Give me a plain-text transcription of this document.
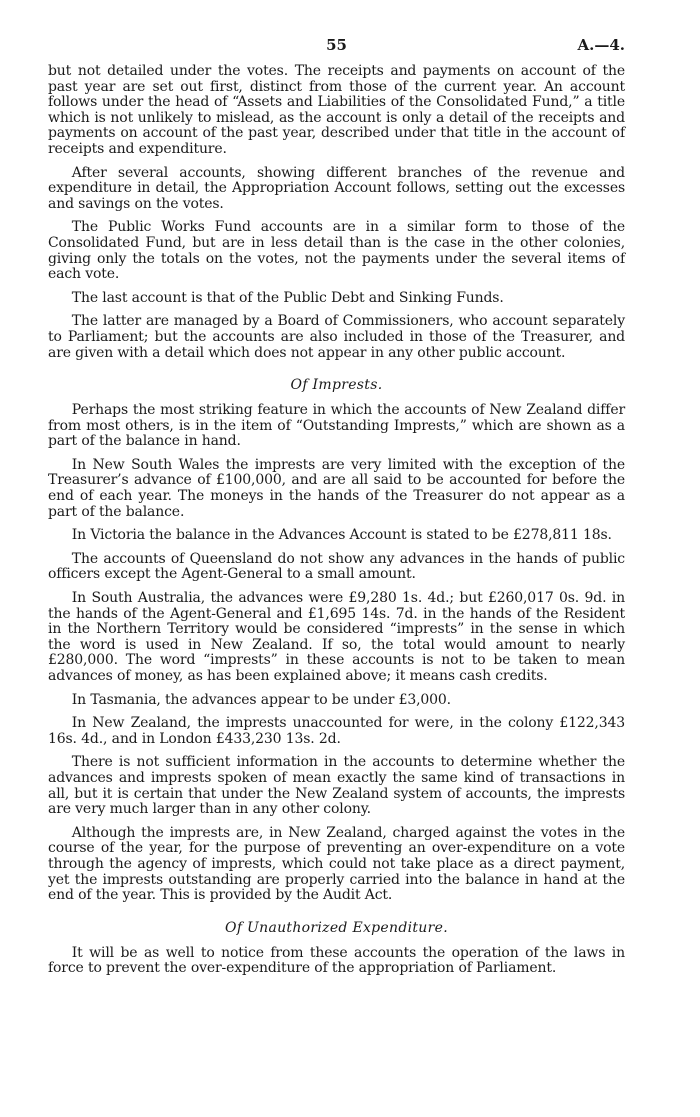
55	A.—4.

but not detailed under the votes. The receipts and payments on account of the past year are set out first, distinct from those of the current year. An account follows under the head of “Assets and Liabilities of the Consolidated Fund,” a title which is not unlikely to mislead, as the account is only a detail of the receipts and payments on account of the past year, described under that title in the account of receipts and expenditure.

After several accounts, showing different branches of the revenue and expenditure in detail, the Appropriation Account follows, setting out the excesses and savings on the votes.

The Public Works Fund accounts are in a similar form to those of the Consolidated Fund, but are in less detail than is the case in the other colonies, giving only the totals on the votes, not the payments under the several items of each vote.

The last account is that of the Public Debt and Sinking Funds.

The latter are managed by a Board of Commissioners, who account separately to Parliament; but the accounts are also included in those of the Treasurer, and are given with a detail which does not appear in any other public account.

Of Imprests.

Perhaps the most striking feature in which the accounts of New Zealand differ from most others, is in the item of “Outstanding Imprests,” which are shown as a part of the balance in hand.

In New South Wales the imprests are very limited with the exception of the Treasurer’s advance of £100,000, and are all said to be accounted for before the end of each year. The moneys in the hands of the Treasurer do not appear as a part of the balance.

In Victoria the balance in the Advances Account is stated to be £278,811 18s.

The accounts of Queensland do not show any advances in the hands of public officers except the Agent-General to a small amount.

In South Australia, the advances were £9,280 1s. 4d.; but £260,017 0s. 9d. in the hands of the Agent-General and £1,695 14s. 7d. in the hands of the Resident in the Northern Territory would be considered “imprests” in the sense in which the word is used in New Zealand. If so, the total would amount to nearly £280,000. The word “imprests” in these accounts is not to be taken to mean advances of money, as has been explained above; it means cash credits.

In Tasmania, the advances appear to be under £3,000.

In New Zealand, the imprests unaccounted for were, in the colony £122,343 16s. 4d., and in London £433,230 13s. 2d.

There is not sufficient information in the accounts to determine whether the advances and imprests spoken of mean exactly the same kind of transactions in all, but it is certain that under the New Zealand system of accounts, the imprests are very much larger than in any other colony.

Although the imprests are, in New Zealand, charged against the votes in the course of the year, for the purpose of preventing an over-expenditure on a vote through the agency of imprests, which could not take place as a direct payment, yet the imprests outstanding are properly carried into the balance in hand at the end of the year. This is provided by the Audit Act.

Of Unauthorized Expenditure.

It will be as well to notice from these accounts the operation of the laws in force to prevent the over-expenditure of the appropriation of Parliament.
